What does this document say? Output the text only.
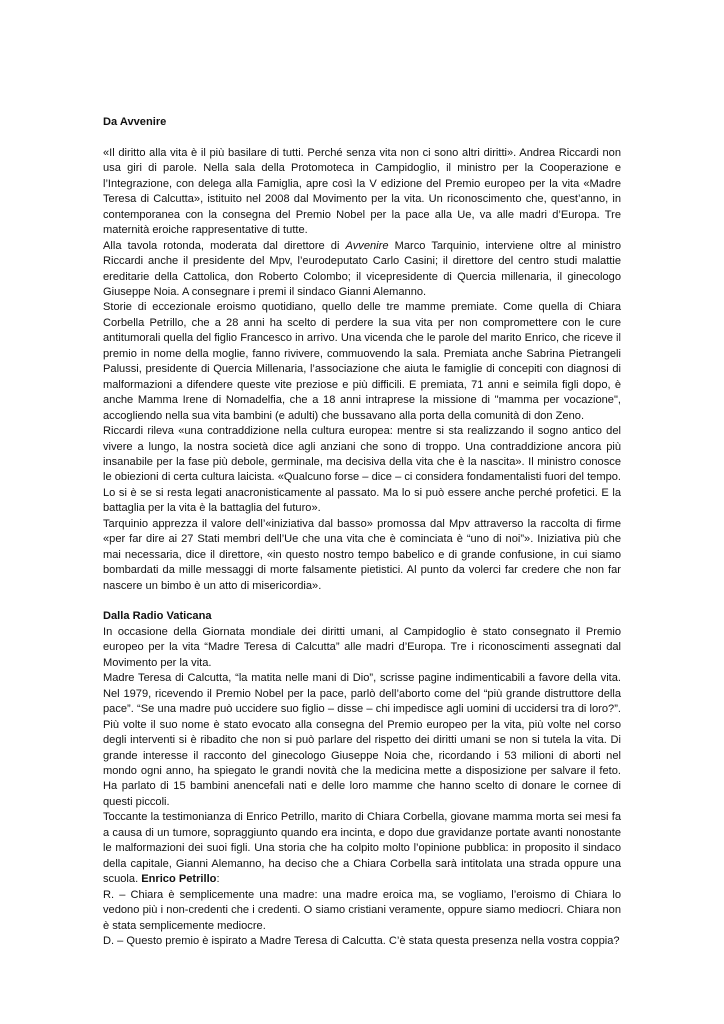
Da Avvenire

«Il diritto alla vita è il più basilare di tutti. Perché senza vita non ci sono altri diritti». Andrea Riccardi non usa giri di parole. Nella sala della Protomoteca in Campidoglio, il ministro per la Cooperazione e l’Integrazione, con delega alla Famiglia, apre così la V edizione del Premio europeo per la vita «Madre Teresa di Calcutta», istituito nel 2008 dal Movimento per la vita. Un riconoscimento che, quest’anno, in contemporanea con la consegna del Premio Nobel per la pace alla Ue, va alle madri d’Europa. Tre maternità eroiche rappresentative di tutte.

Alla tavola rotonda, moderata dal direttore di Avvenire Marco Tarquinio, interviene oltre al ministro Riccardi anche il presidente del Mpv, l’eurodeputato Carlo Casini; il direttore del centro studi malattie ereditarie della Cattolica, don Roberto Colombo; il vicepresidente di Quercia millenaria, il ginecologo Giuseppe Noia. A consegnare i premi il sindaco Gianni Alemanno.

Storie di eccezionale eroismo quotidiano, quello delle tre mamme premiate. Come quella di Chiara Corbella Petrillo, che a 28 anni ha scelto di perdere la sua vita per non compromettere con le cure antitumorali quella del figlio Francesco in arrivo. Una vicenda che le parole del marito Enrico, che riceve il premio in nome della moglie, fanno rivivere, commuovendo la sala. Premiata anche Sabrina Pietrangeli Palussi, presidente di Quercia Millenaria, l’associazione che aiuta le famiglie di concepiti con diagnosi di malformazioni a difendere queste vite preziose e più difficili. E premiata, 71 anni e seimila figli dopo, è anche Mamma Irene di Nomadelfia, che a 18 anni intraprese la missione di "mamma per vocazione", accogliendo nella sua vita bambini (e adulti) che bussavano alla porta della comunità di don Zeno.

Riccardi rileva «una contraddizione nella cultura europea: mentre si sta realizzando il sogno antico del vivere a lungo, la nostra società dice agli anziani che sono di troppo. Una contraddizione ancora più insanabile per la fase più debole, germinale, ma decisiva della vita che è la nascita». Il ministro conosce le obiezioni di certa cultura laicista. «Qualcuno forse – dice – ci considera fondamentalisti fuori del tempo. Lo si è se si resta legati anacronisticamente al passato. Ma lo si può essere anche perché profetici. E la battaglia per la vita è la battaglia del futuro».

Tarquinio apprezza il valore dell’«iniziativa dal basso» promossa dal Mpv attraverso la raccolta di firme «per far dire ai 27 Stati membri dell’Ue che una vita che è cominciata è “uno di noi”». Iniziativa più che mai necessaria, dice il direttore, «in questo nostro tempo babelico e di grande confusione, in cui siamo bombardati da mille messaggi di morte falsamente pietistici. Al punto da volerci far credere che non far nascere un bimbo è un atto di misericordia».

Dalla Radio Vaticana

In occasione della Giornata mondiale dei diritti umani, al Campidoglio è stato consegnato il Premio europeo per la vita “Madre Teresa di Calcutta” alle madri d’Europa. Tre i riconoscimenti assegnati dal Movimento per la vita.

Madre Teresa di Calcutta, “la matita nelle mani di Dio”, scrisse pagine indimenticabili a favore della vita. Nel 1979, ricevendo il Premio Nobel per la pace, parlò dell’aborto come del “più grande distruttore della pace”. “Se una madre può uccidere suo figlio – disse – chi impedisce agli uomini di uccidersi tra di loro?”. Più volte il suo nome è stato evocato alla consegna del Premio europeo per la vita, più volte nel corso degli interventi si è ribadito che non si può parlare del rispetto dei diritti umani se non si tutela la vita. Di grande interesse il racconto del ginecologo Giuseppe Noia che, ricordando i 53 milioni di aborti nel mondo ogni anno, ha spiegato le grandi novità che la medicina mette a disposizione per salvare il feto. Ha parlato di 15 bambini anencefali nati e delle loro mamme che hanno scelto di donare le cornee di questi piccoli.

Toccante la testimonianza di Enrico Petrillo, marito di Chiara Corbella, giovane mamma morta sei mesi fa a causa di un tumore, sopraggiunto quando era incinta, e dopo due gravidanze portate avanti nonostante le malformazioni dei suoi figli. Una storia che ha colpito molto l’opinione pubblica: in proposito il sindaco della capitale, Gianni Alemanno, ha deciso che a Chiara Corbella sarà intitolata una strada oppure una scuola. Enrico Petrillo:

R. – Chiara è semplicemente una madre: una madre eroica ma, se vogliamo, l’eroismo di Chiara lo vedono più i non-credenti che i credenti. O siamo cristiani veramente, oppure siamo mediocri. Chiara non è stata semplicemente mediocre.

D. – Questo premio è ispirato a Madre Teresa di Calcutta. C’è stata questa presenza nella vostra coppia?
